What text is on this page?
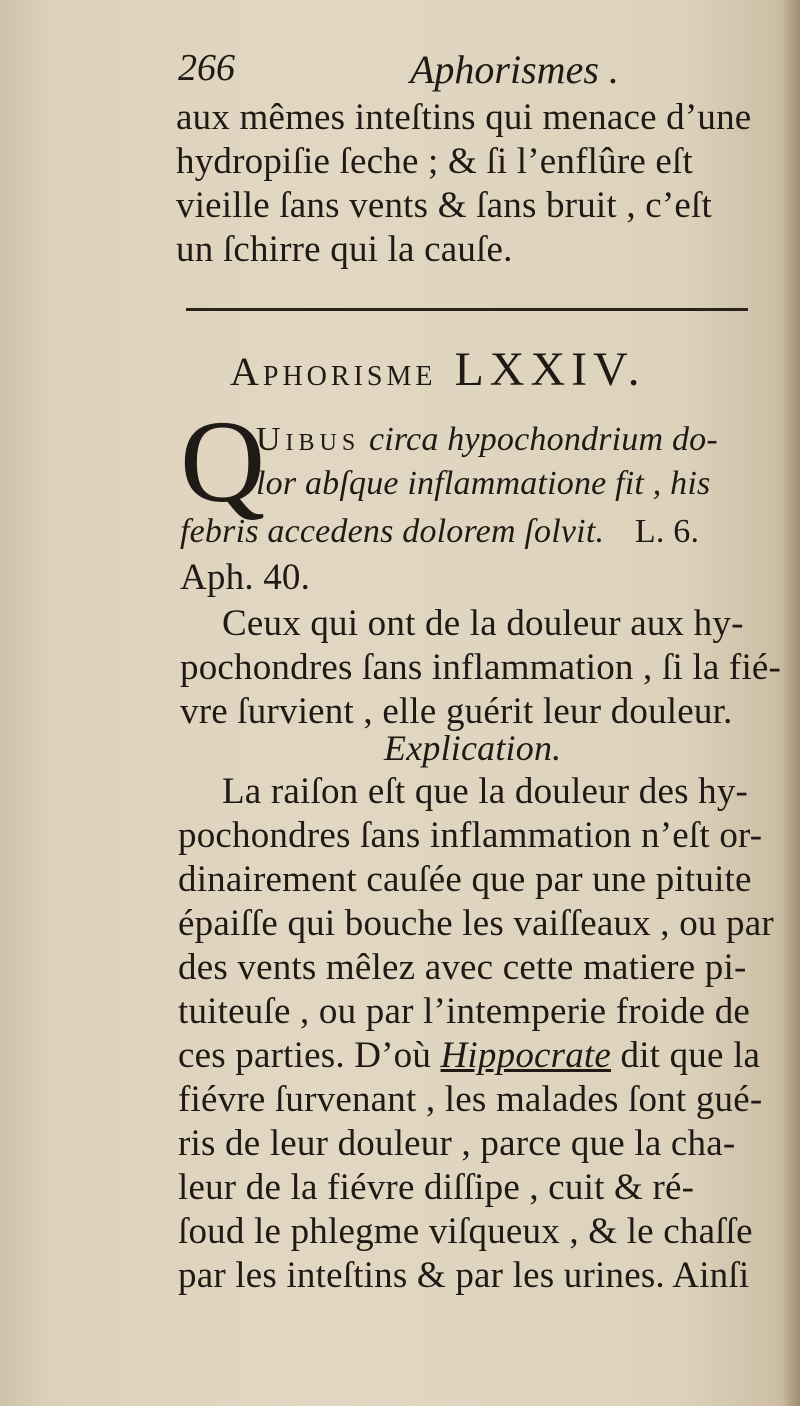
266	Aphorismes .
aux mêmes inteſtins qui menace d’une
hydropiſie ſeche ; & ſi l’enflûre eſt
vieille ſans vents & ſans bruit , c’eſt
un ſchirre qui la cauſe.
Aphorisme LXXIV.
Q
Uibus circa hypochondrium do-
lor abſque inflammatione fit , his
febris accedens dolorem ſolvit. L. 6.
Aph. 40.
Ceux qui ont de la douleur aux hy-
pochondres ſans inflammation , ſi la fié-
vre ſurvient , elle guérit leur douleur.
Explication.
La raiſon eſt que la douleur des hy-
pochondres ſans inflammation n’eſt or-
dinairement cauſée que par une pituite
épaiſſe qui bouche les vaiſſeaux , ou par
des vents mêlez avec cette matiere pi-
tuiteuſe , ou par l’intemperie froide de
ces parties. D’où Hippocrate dit que la
fiévre ſurvenant , les malades ſont gué-
ris de leur douleur , parce que la cha-
leur de la fiévre diſſipe , cuit & ré-
ſoud le phlegme viſqueux , & le chaſſe
par les inteſtins & par les urines. Ainſi
